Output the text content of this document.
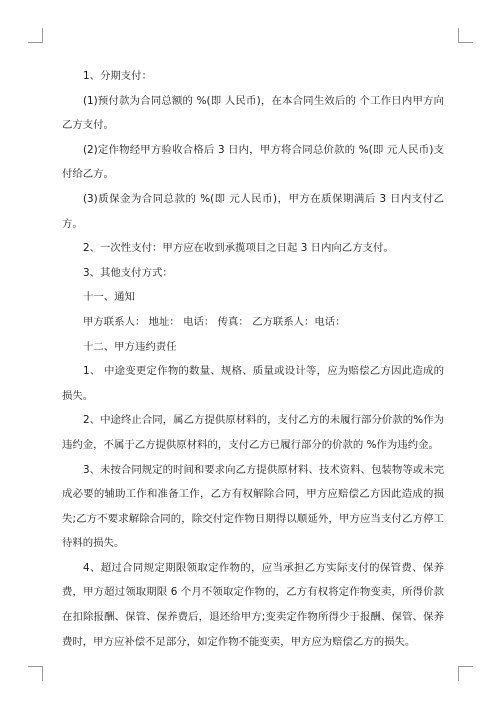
1、分期支付：

(1)预付款为合同总额的 %(即 人民币)，在本合同生效后的 个工作日内甲方向乙方支付。

(2)定作物经甲方验收合格后 3 日内，甲方将合同总价款的 %(即 元人民币)支付给乙方。

(3)质保金为合同总款的 %(即 元人民币)，甲方在质保期满后 3 日内支付乙方。

2、一次性支付：甲方应在收到承揽项目之日起 3 日内向乙方支付。

3、其他支付方式：

十一、通知

甲方联系人： 地址： 电话： 传真： 乙方联系人：电话：

十二、甲方违约责任

1、 中途变更定作物的数量、规格、质量或设计等，应为赔偿乙方因此造成的损失。

2、中途终止合同，属乙方提供原材料的，支付乙方的未履行部分价款的%作为违约金，不属于乙方提供原材料的，支付乙方已履行部分的价款的 %作为违约金。

3、未按合同规定的时间和要求向乙方提供原材料、技术资料、包装物等或未完成必要的辅助工作和准备工作，乙方有权解除合同，甲方应赔偿乙方因此造成的损失;乙方不要求解除合同的，除交付定作物日期得以顺延外，甲方应当支付乙方停工待料的损失。

4、超过合同规定期限领取定作物的，应当承担乙方实际支付的保管费、保养费，甲方超过领取期限 6 个月不领取定作物的，乙方有权将定作物变卖，所得价款在扣除报酬、保管、保养费后，退还给甲方;变卖定作物所得少于报酬、保管、保养费时，甲方应补偿不足部分，如定作物不能变卖，甲方应为赔偿乙方的损失。
